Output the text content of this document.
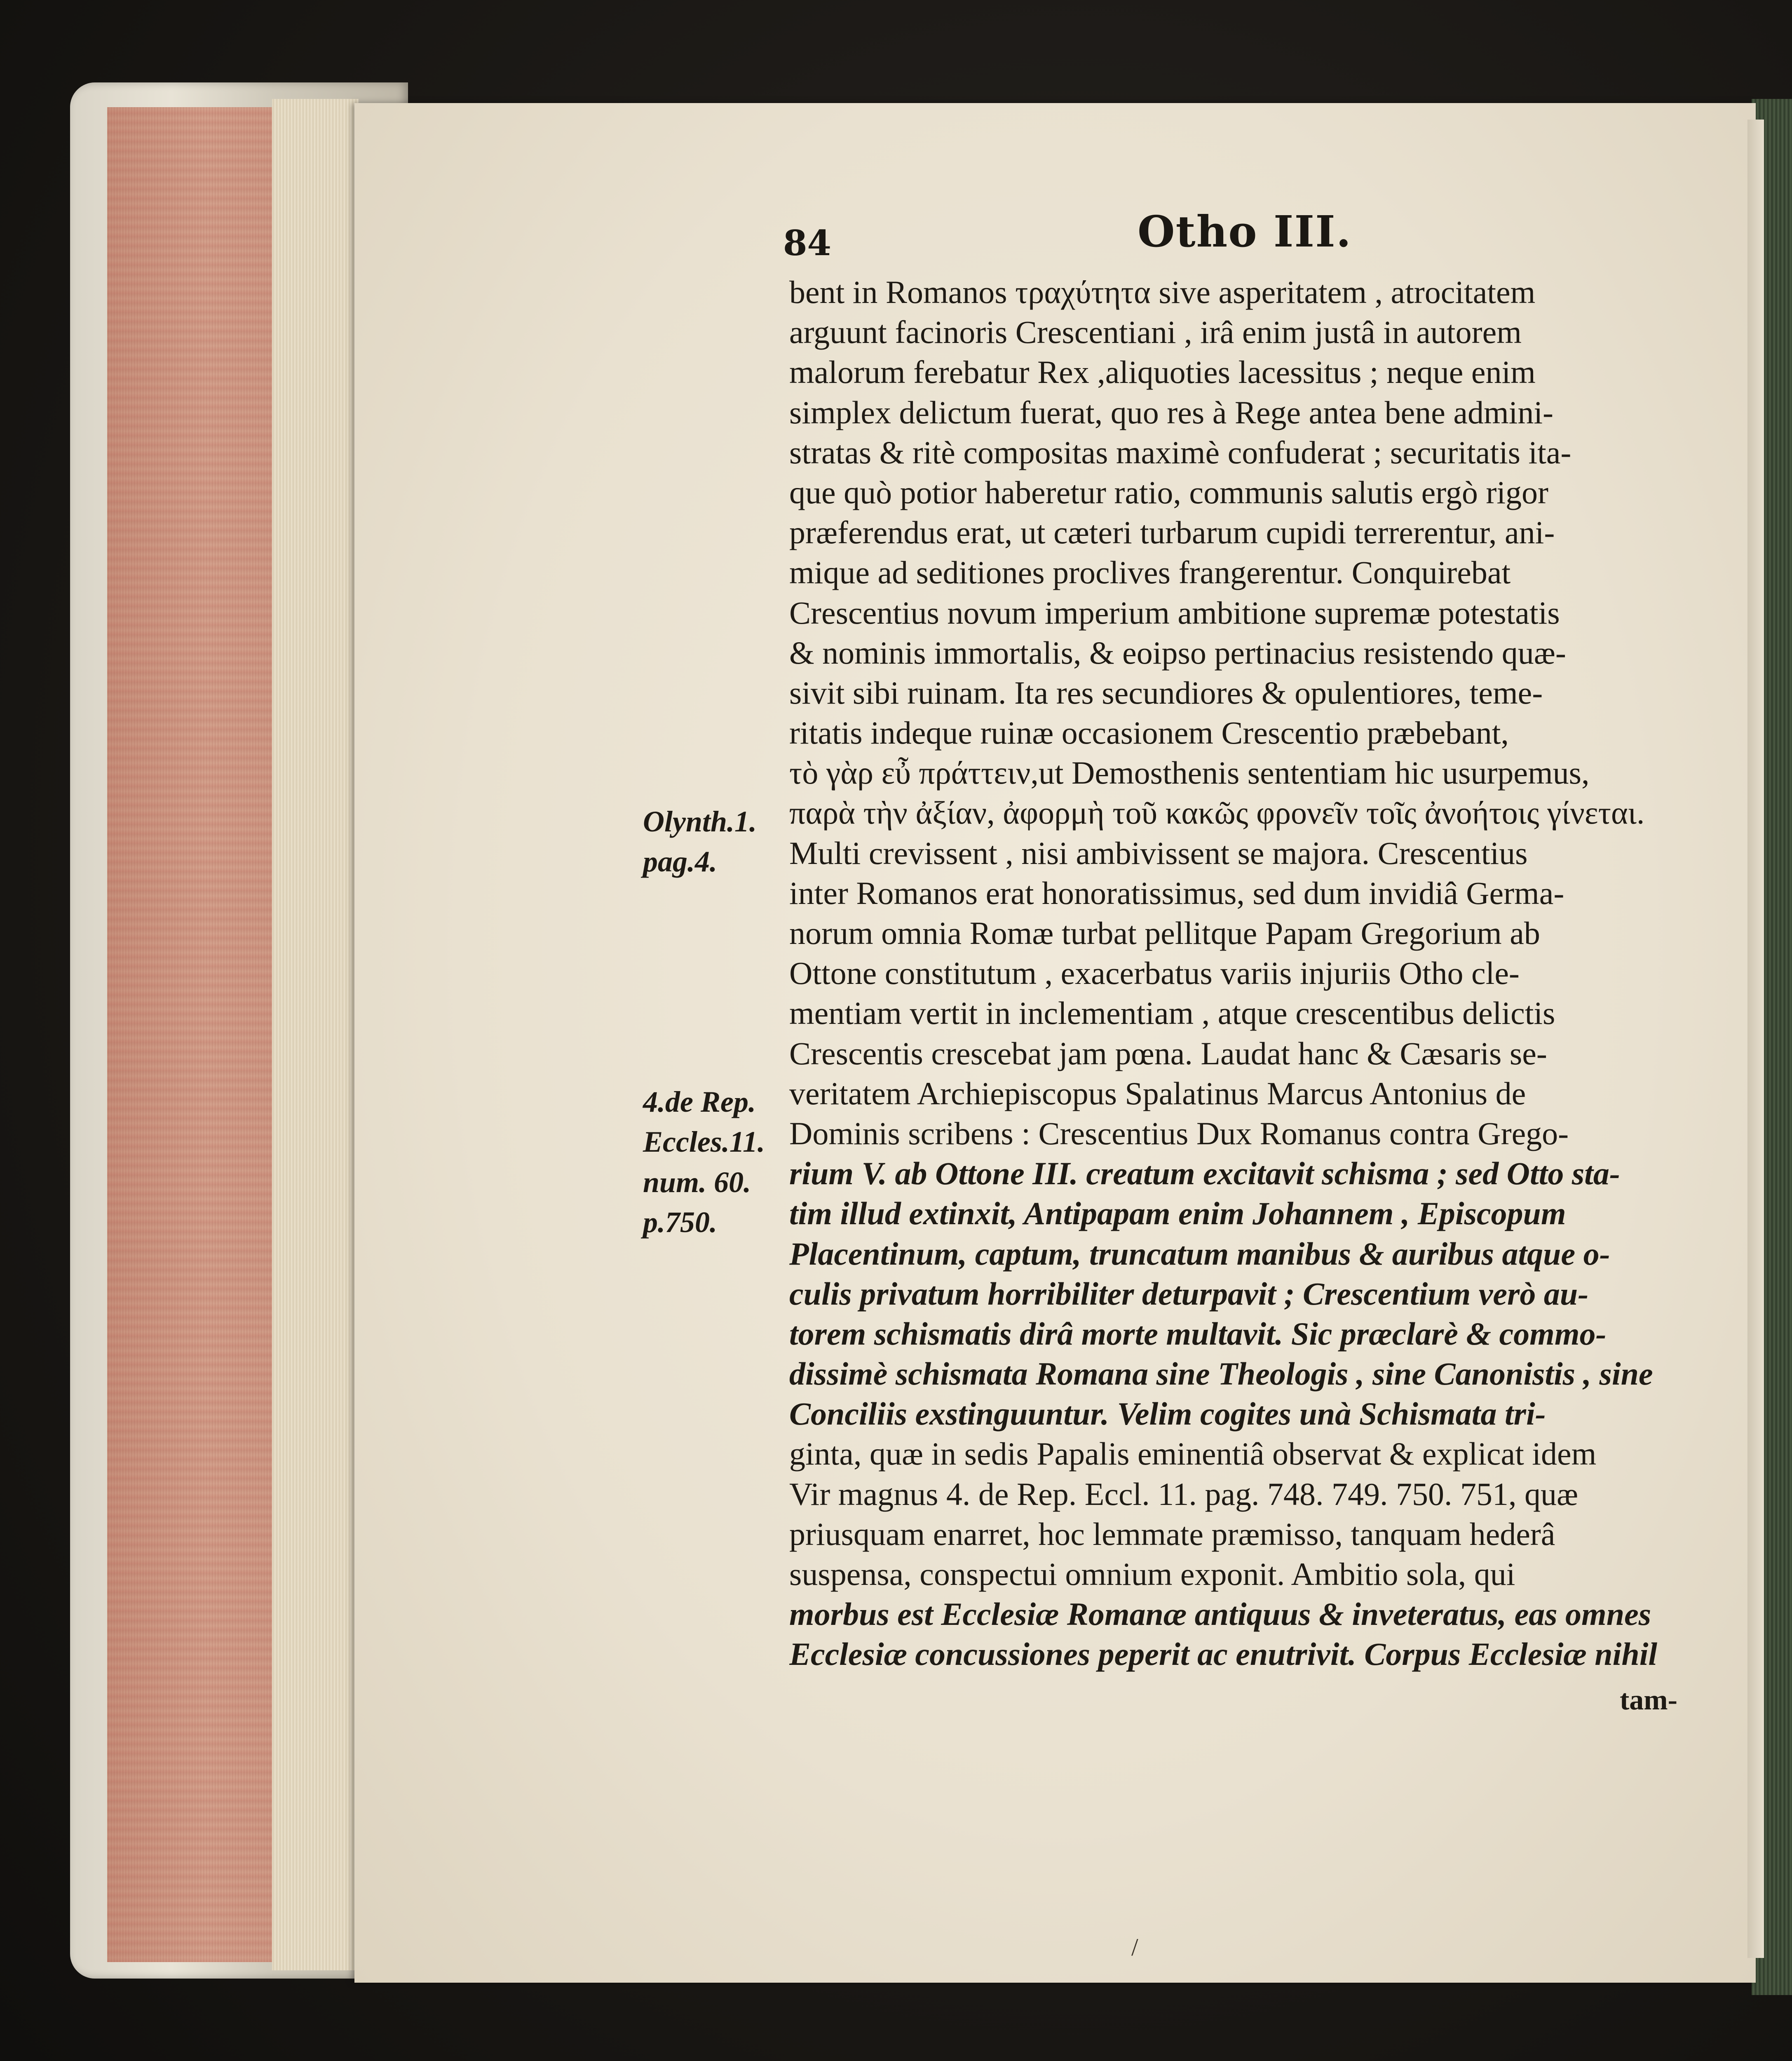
84	Otho III.
Olynth.1.
pag.4.
4.de Rep.
Eccles.11.
num. 60.
p.750.
bent in Romanos τραχύτητα sive asperitatem , atrocitatem
arguunt facinoris Crescentiani , irâ enim justâ in autorem
malorum ferebatur Rex ,aliquoties lacessitus ; neque enim
simplex delictum fuerat, quo res à Rege antea bene admini-
stratas & ritè compositas maximè confuderat ; securitatis ita-
que quò potior haberetur ratio, communis salutis ergò rigor
præferendus erat, ut cæteri turbarum cupidi terrerentur, ani-
mique ad seditiones proclives frangerentur. Conquirebat
Crescentius novum imperium ambitione supremæ potestatis
& nominis immortalis, & eoipso pertinacius resistendo quæ-
sivit sibi ruinam. Ita res secundiores & opulentiores, teme-
ritatis indeque ruinæ occasionem Crescentio præbebant,
τὸ γὰρ εὖ πράττειν,ut Demosthenis sententiam hic usurpemus,
παρὰ τὴν ἀξίαν, ἀφορμὴ τοῦ κακῶς φρονεῖν τοῖς ἀνοήτοις γίνεται.
Multi crevissent , nisi ambivissent se majora. Crescentius
inter Romanos erat honoratissimus, sed dum invidiâ Germa-
norum omnia Romæ turbat pellitque Papam Gregorium ab
Ottone constitutum , exacerbatus variis injuriis Otho cle-
mentiam vertit in inclementiam , atque crescentibus delictis
Crescentis crescebat jam pœna. Laudat hanc & Cæsaris se-
veritatem Archiepiscopus Spalatinus Marcus Antonius de
Dominis scribens : Crescentius Dux Romanus contra Grego-
rium V. ab Ottone III. creatum excitavit schisma ; sed Otto sta-
tim illud extinxit, Antipapam enim Johannem , Episcopum
Placentinum, captum, truncatum manibus & auribus atque o-
culis privatum horribiliter deturpavit ; Crescentium verò au-
torem schismatis dirâ morte multavit. Sic præclarè & commo-
dissimè schismata Romana sine Theologis , sine Canonistis , sine
Conciliis exstinguuntur. Velim cogites unà Schismata tri-
ginta, quæ in sedis Papalis eminentiâ observat & explicat idem
Vir magnus 4. de Rep. Eccl. 11. pag. 748. 749. 750. 751, quæ
priusquam enarret, hoc lemmate præmisso, tanquam hederâ
suspensa, conspectui omnium exponit. Ambitio sola, qui
morbus est Ecclesiæ Romanæ antiquus & inveteratus, eas omnes
Ecclesiæ concussiones peperit ac enutrivit. Corpus Ecclesiæ nihil
tam-
/
